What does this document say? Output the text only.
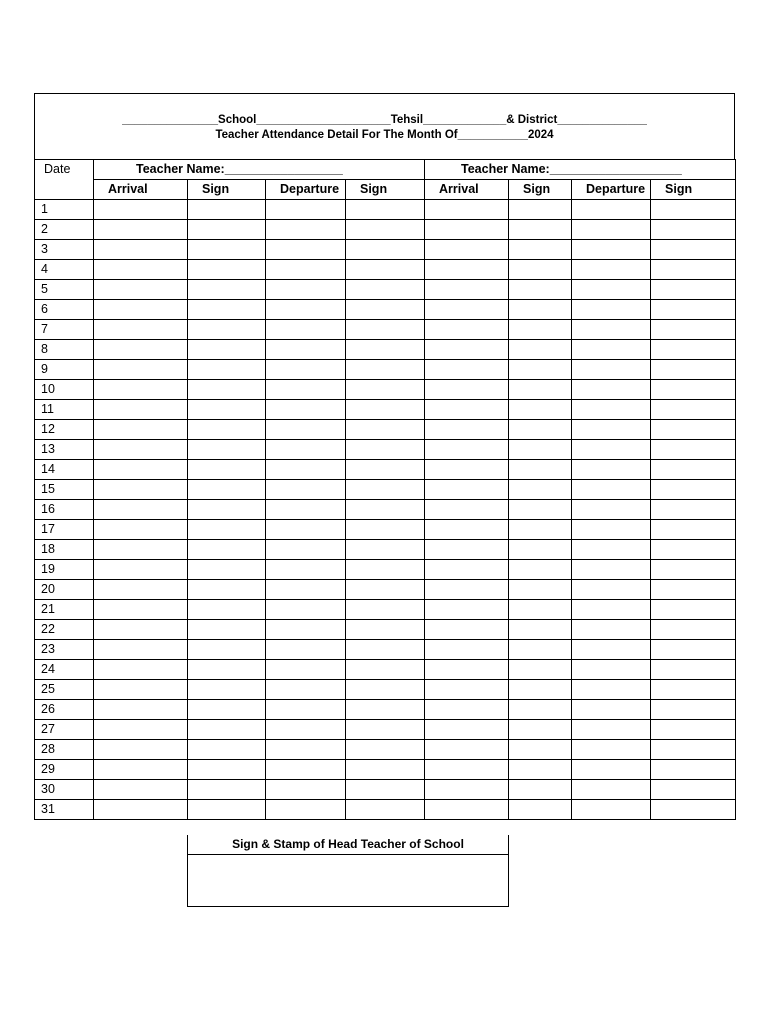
_______________School_____________________Tehsil_____________& District______________
Teacher Attendance Detail For The Month Of___________2024
Date	Teacher Name:_________________				Teacher Name:___________________			
	Arrival	Sign	Departure	Sign	Arrival	Sign	Departure	Sign
1								
2								
3								
4								
5								
6								
7								
8								
9								
10								
11								
12								
13								
14								
15								
16								
17								
18								
19								
20								
21								
22								
23								
24								
25								
26								
27								
28								
29								
30								
31								
Sign & Stamp of Head Teacher of School
